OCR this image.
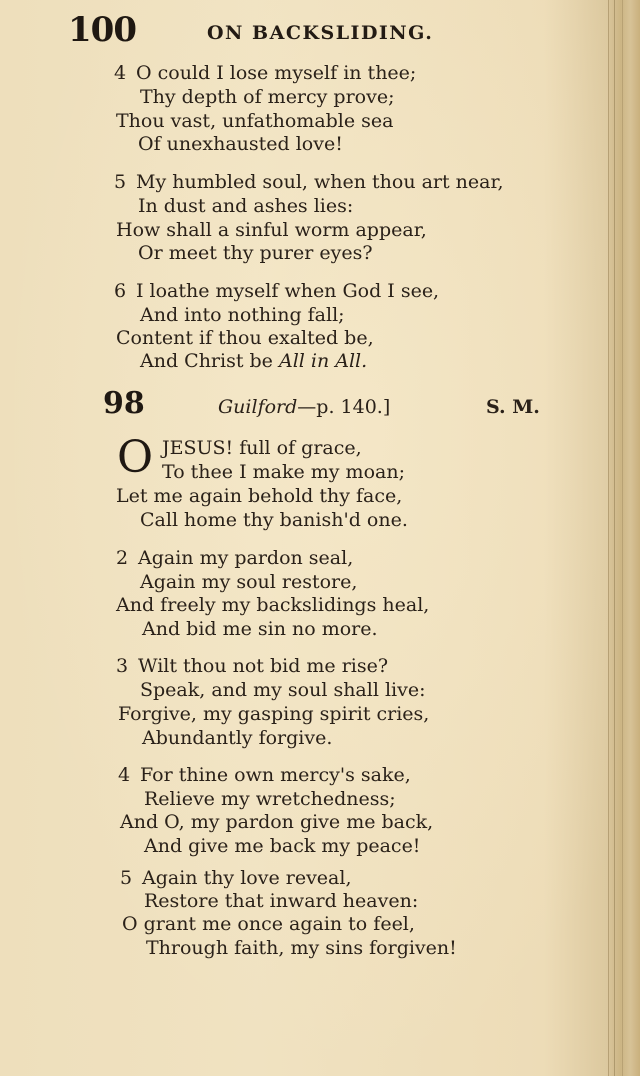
100	ON BACKSLIDING.
4 O could I lose myself in thee;
Thy depth of mercy prove;
Thou vast, unfathomable sea
Of unexhausted love!
5 My humbled soul, when thou art near,
In dust and ashes lies:
How shall a sinful worm appear,
Or meet thy purer eyes?
6 I loathe myself when God I see,
And into nothing fall;
Content if thou exalted be,
And Christ be All in All.
98	Guilford—p. 140.]	S. M.
O JESUS! full of grace,
To thee I make my moan;
Let me again behold thy face,
Call home thy banish'd one.
2 Again my pardon seal,
Again my soul restore,
And freely my backslidings heal,
And bid me sin no more.
3 Wilt thou not bid me rise?
Speak, and my soul shall live:
Forgive, my gasping spirit cries,
Abundantly forgive.
4 For thine own mercy's sake,
Relieve my wretchedness;
And O, my pardon give me back,
And give me back my peace!
5 Again thy love reveal,
Restore that inward heaven:
O grant me once again to feel,
Through faith, my sins forgiven!
